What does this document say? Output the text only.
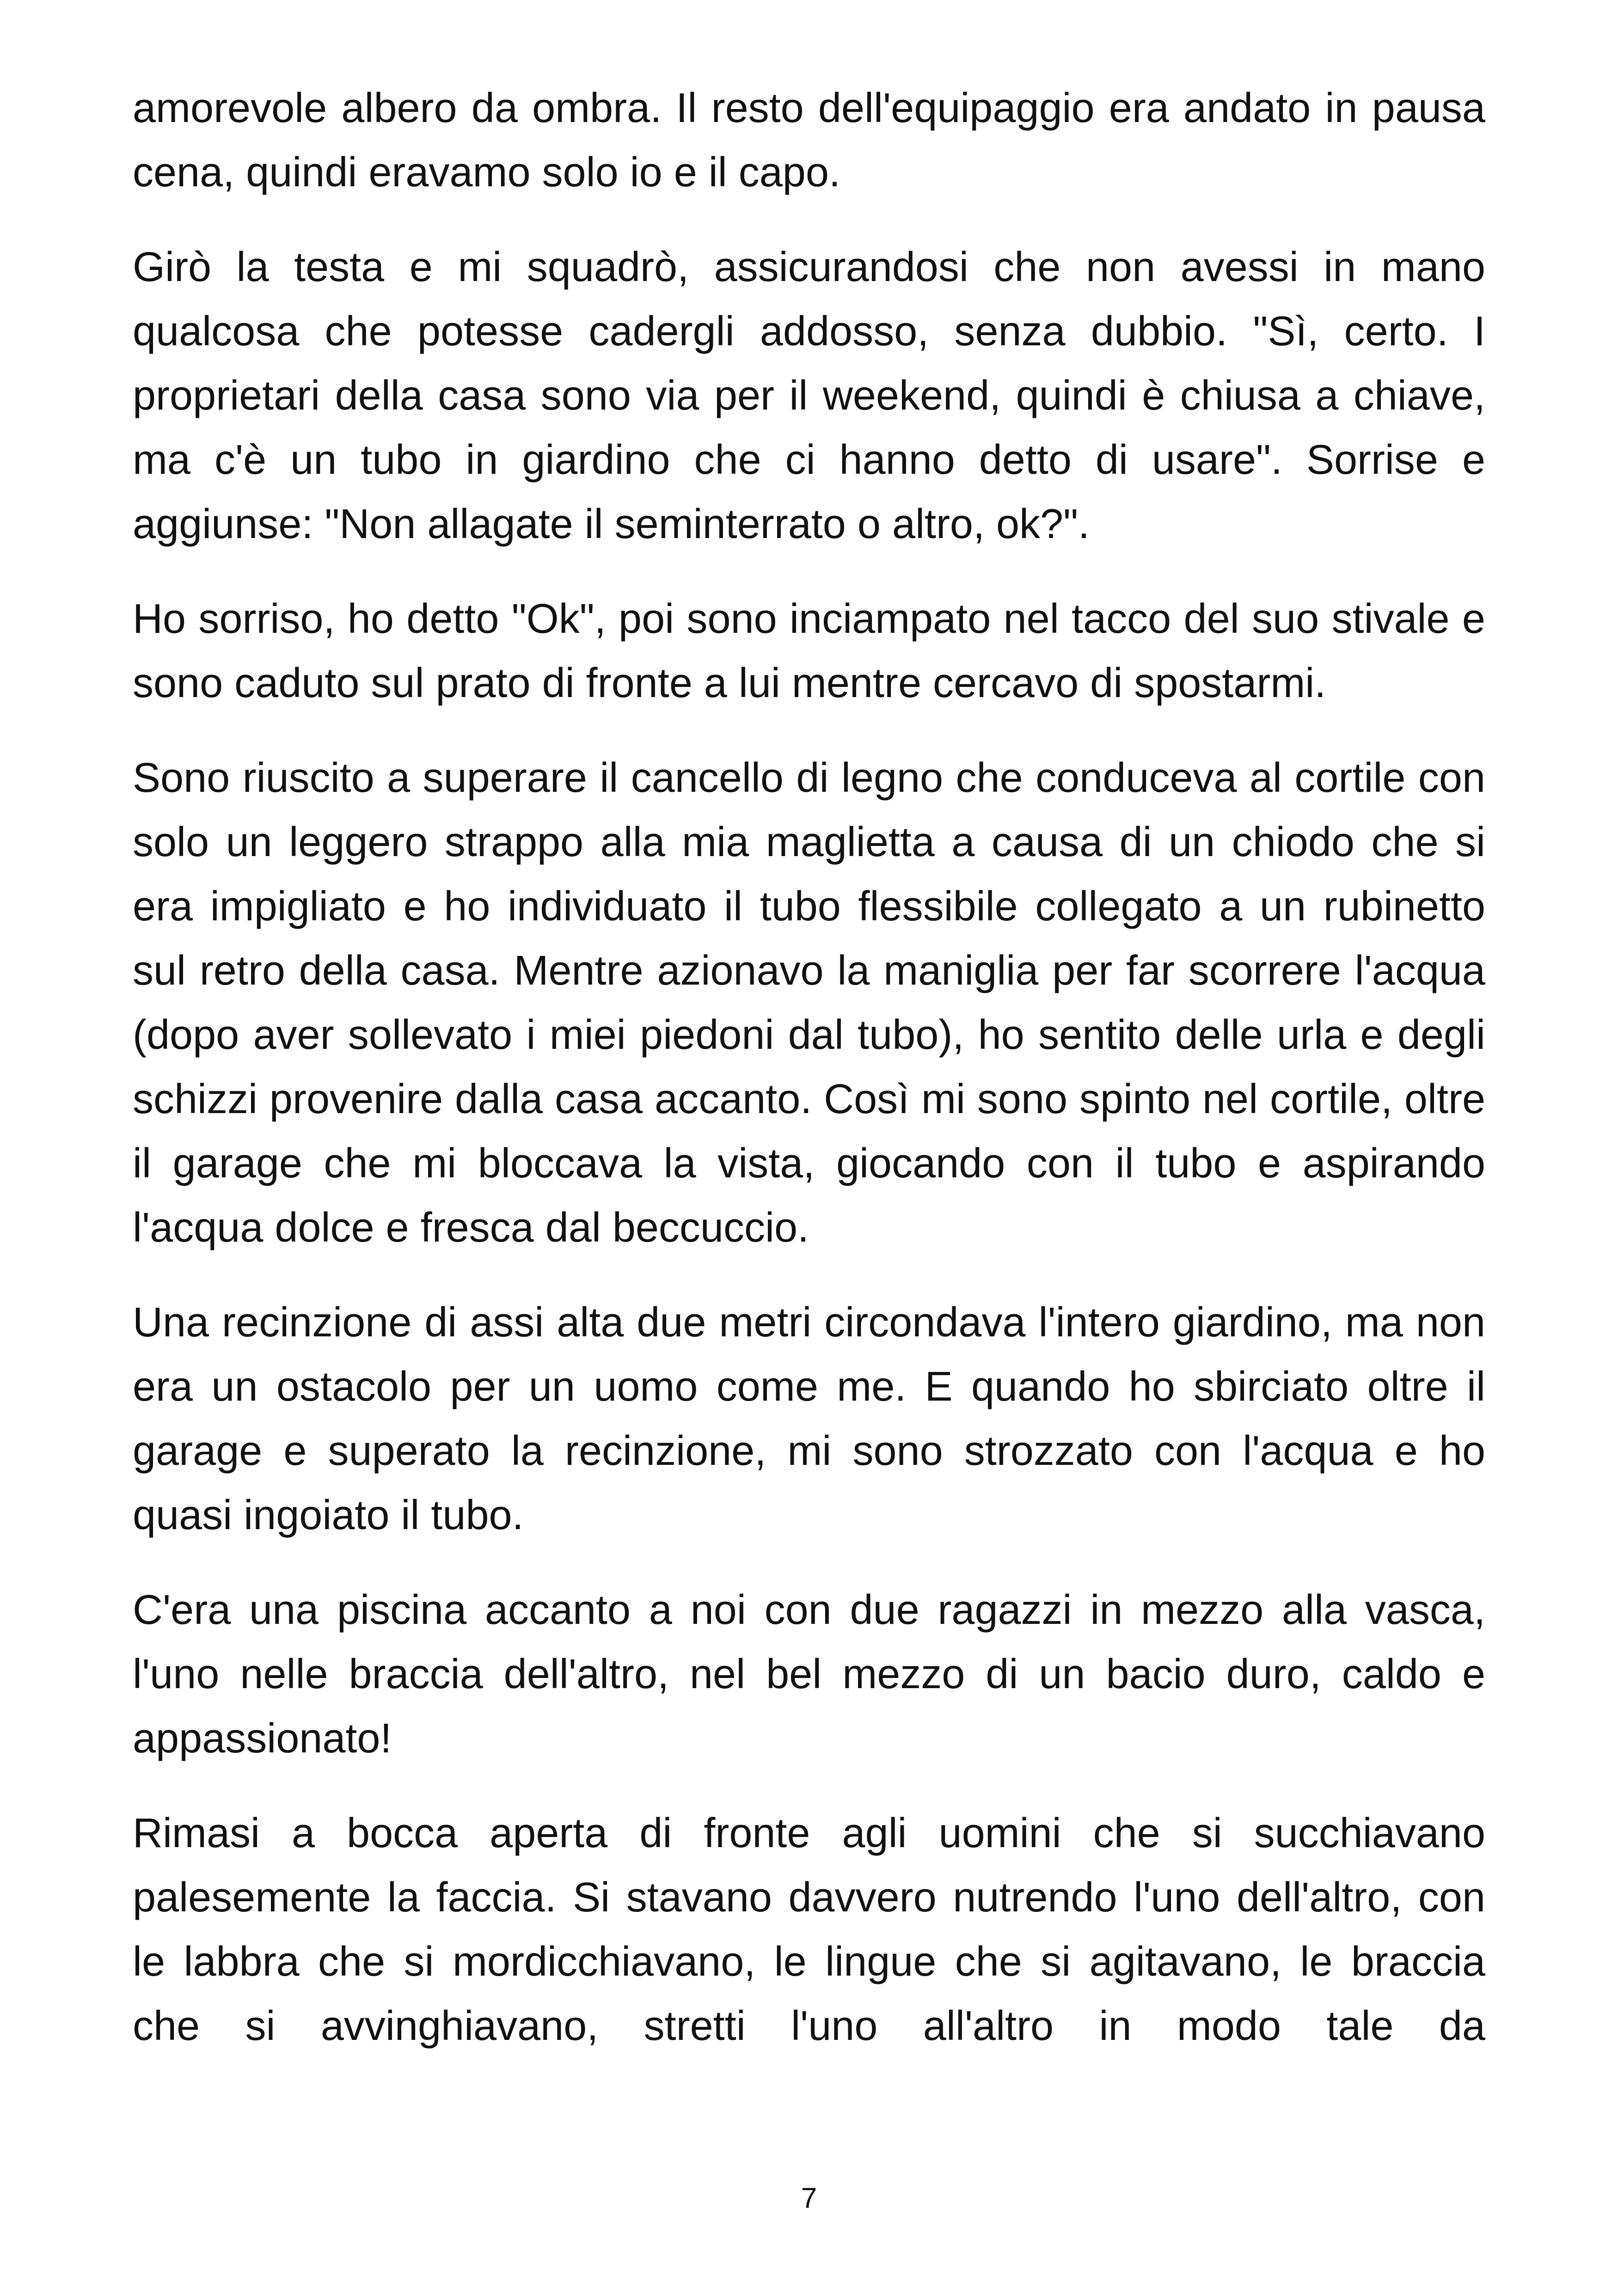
amorevole albero da ombra. Il resto dell'equipaggio era andato in pausa cena, quindi eravamo solo io e il capo.

Girò la testa e mi squadrò, assicurandosi che non avessi in mano qualcosa che potesse cadergli addosso, senza dubbio. "Sì, certo. I proprietari della casa sono via per il weekend, quindi è chiusa a chiave, ma c'è un tubo in giardino che ci hanno detto di usare". Sorrise e aggiunse: "Non allagate il seminterrato o altro, ok?".

Ho sorriso, ho detto "Ok", poi sono inciampato nel tacco del suo stivale e sono caduto sul prato di fronte a lui mentre cercavo di spostarmi.

Sono riuscito a superare il cancello di legno che conduceva al cortile con solo un leggero strappo alla mia maglietta a causa di un chiodo che si era impigliato e ho individuato il tubo flessibile collegato a un rubinetto sul retro della casa. Mentre azionavo la maniglia per far scorrere l'acqua (dopo aver sollevato i miei piedoni dal tubo), ho sentito delle urla e degli schizzi provenire dalla casa accanto. Così mi sono spinto nel cortile, oltre il garage che mi bloccava la vista, giocando con il tubo e aspirando l'acqua dolce e fresca dal beccuccio.

Una recinzione di assi alta due metri circondava l'intero giardino, ma non era un ostacolo per un uomo come me. E quando ho sbirciato oltre il garage e superato la recinzione, mi sono strozzato con l'acqua e ho quasi ingoiato il tubo.

C'era una piscina accanto a noi con due ragazzi in mezzo alla vasca, l'uno nelle braccia dell'altro, nel bel mezzo di un bacio duro, caldo e appassionato!

Rimasi a bocca aperta di fronte agli uomini che si succhiavano palesemente la faccia. Si stavano davvero nutrendo l'uno dell'altro, con le labbra che si mordicchiavano, le lingue che si agitavano, le braccia che si avvinghiavano, stretti l'uno all'altro in modo tale da

7
